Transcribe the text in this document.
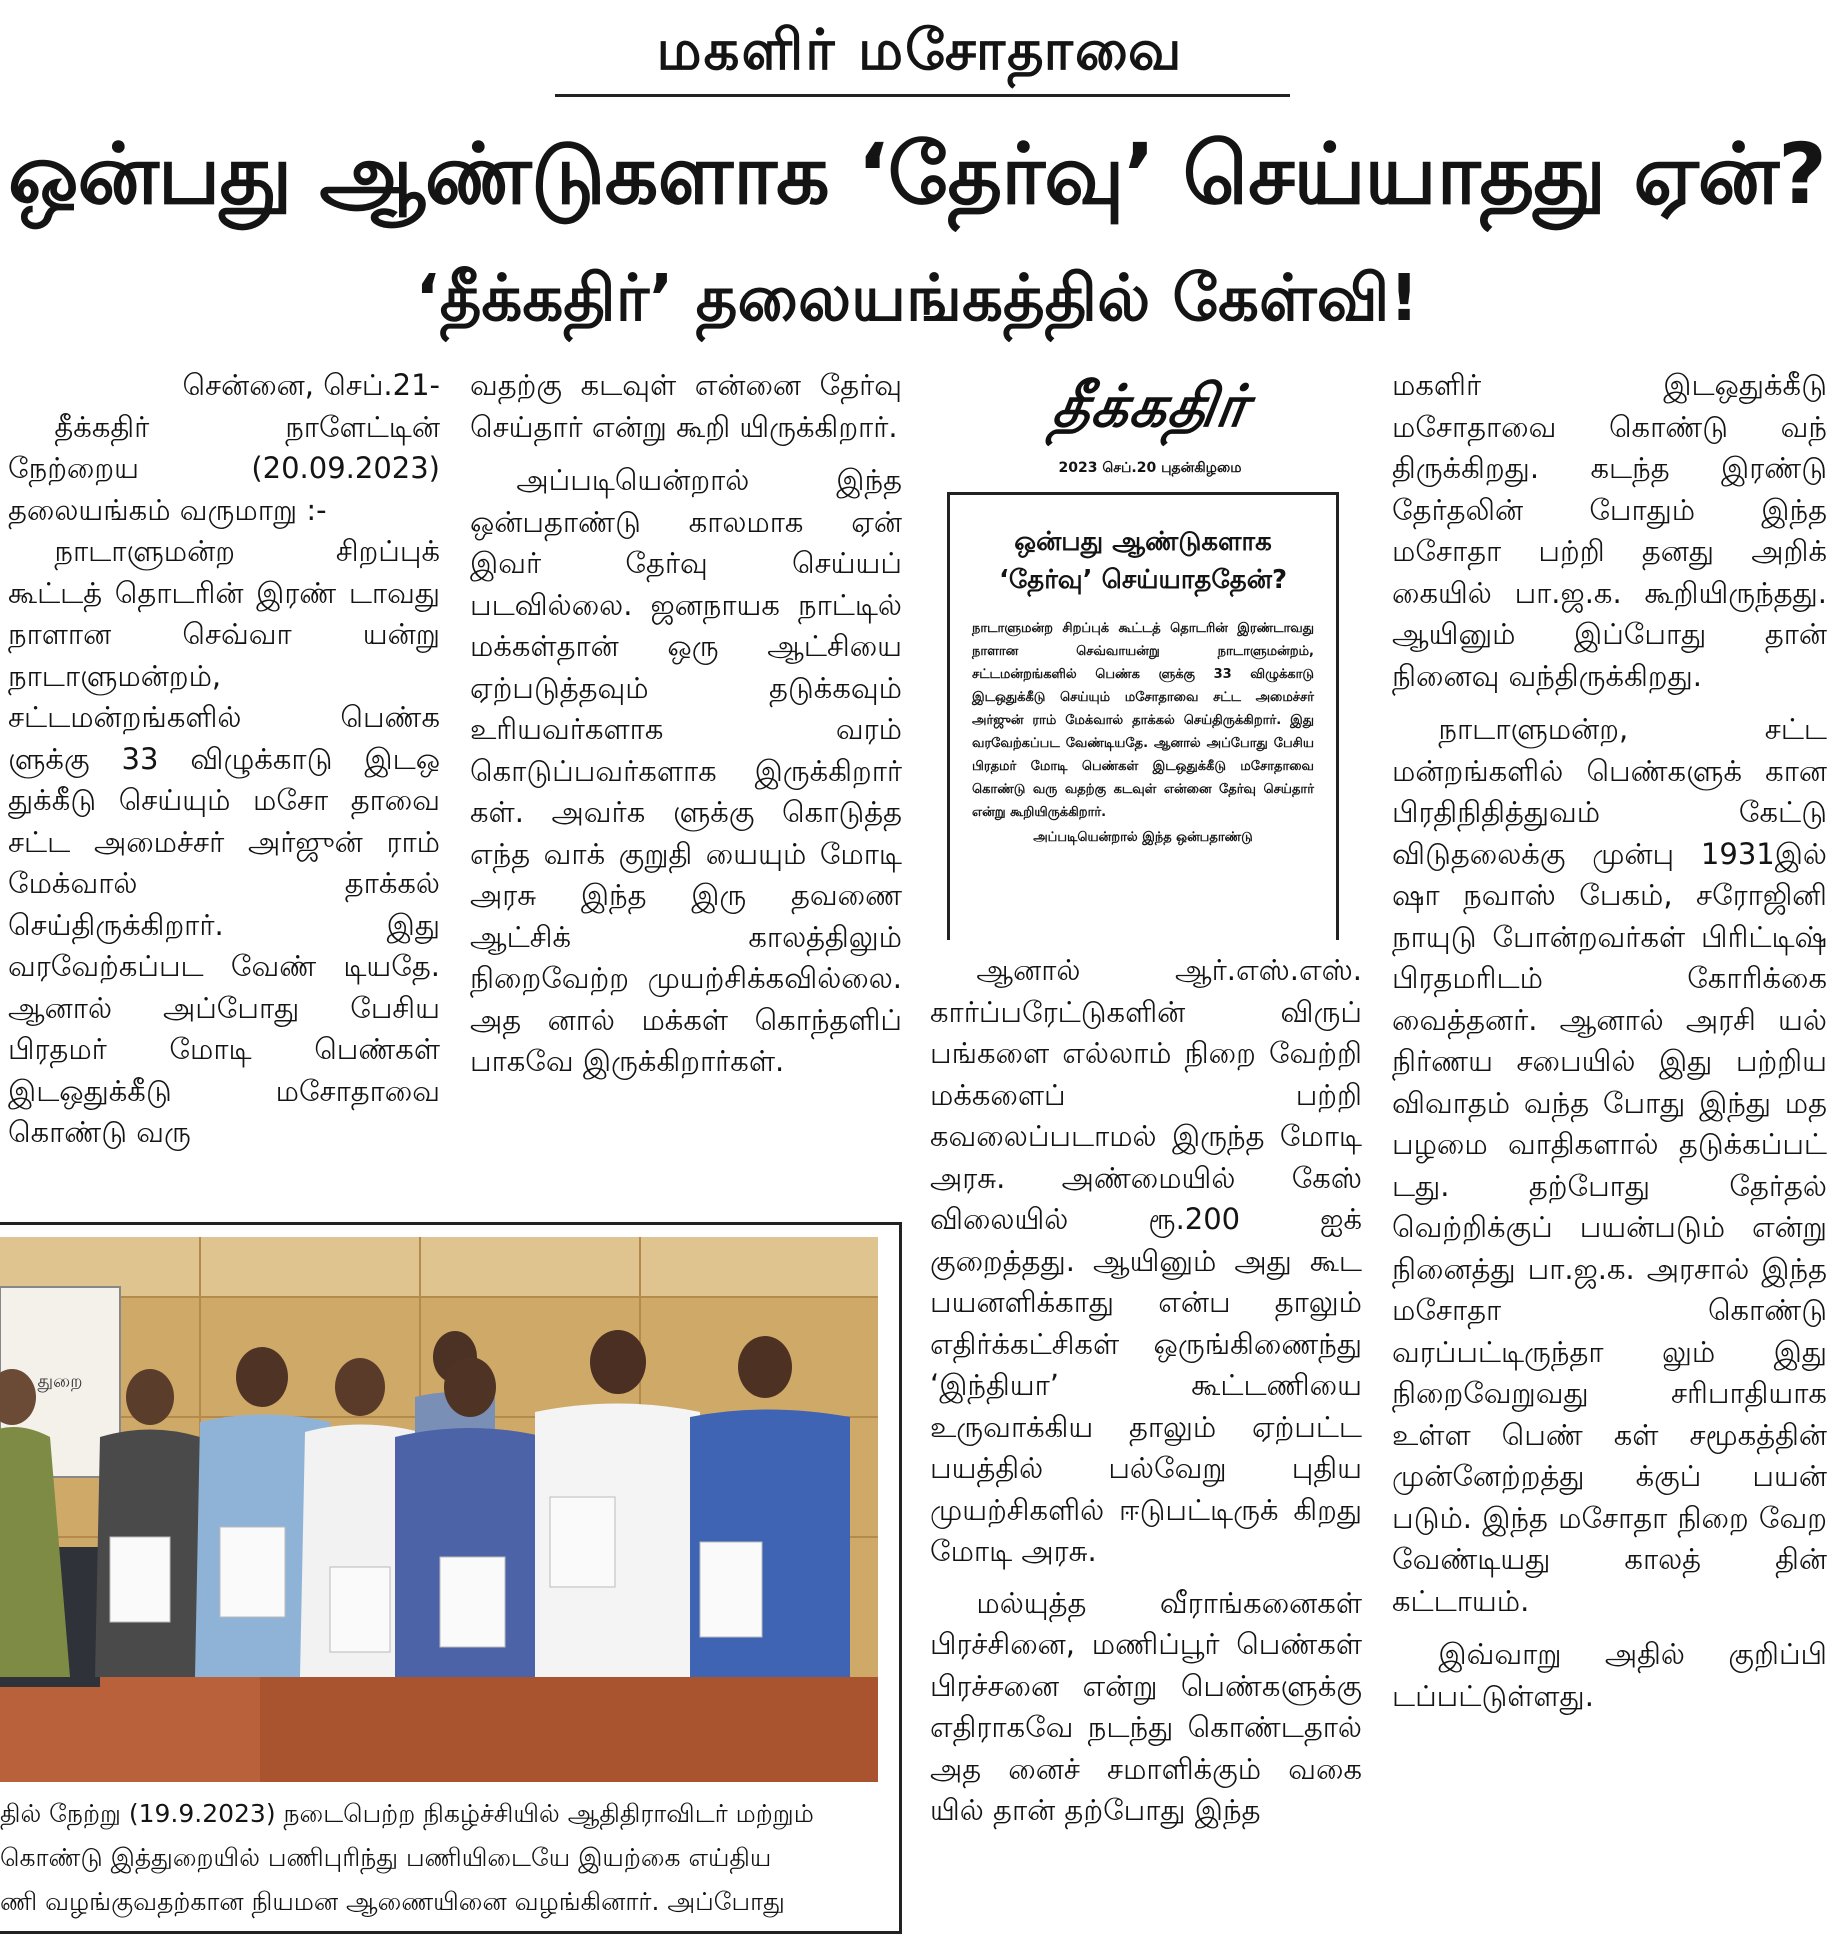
மகளிர் மசோதாவை
ஒன்பது ஆண்டுகளாக ‘தேர்வு’ செய்யாதது ஏன்?
‘தீக்கதிர்’ தலையங்கத்தில் கேள்வி!

சென்னை, செப்.21-

தீக்கதிர் நாளேட்டின் நேற்றைய (20.09.2023) தலையங்கம் வருமாறு :-

நாடாளுமன்ற சிறப்புக் கூட்டத் தொடரின் இரண் டாவது நாளான செவ்வா யன்று நாடாளுமன்றம், சட்டமன்றங்களில் பெண்க ளுக்கு 33 விழுக்காடு இடஒ துக்கீடு செய்யும் மசோ தாவை சட்ட அமைச்சர் அர்ஜுன் ராம் மேக்வால் தாக்கல் செய்திருக்கிறார். இது வரவேற்கப்பட வேண் டியதே. ஆனால் அப்போது பேசிய பிரதமர் மோடி பெண்கள் இடஒதுக்கீடு மசோதாவை கொண்டு வரு

வதற்கு கடவுள் என்னை தேர்வு செய்தார் என்று கூறி யிருக்கிறார்.

அப்படியென்றால் இந்த ஒன்பதாண்டு காலமாக ஏன் இவர் தேர்வு செய்யப் படவில்லை. ஜனநாயக நாட்டில் மக்கள்தான் ஒரு ஆட்சியை ஏற்படுத்தவும் தடுக்கவும் உரியவர்களாக வரம் கொடுப்பவர்களாக இருக்கிறார் கள். அவர்க ளுக்கு கொடுத்த எந்த வாக் குறுதி யையும் மோடி அரசு இந்த இரு தவணை ஆட்சிக் காலத்திலும் நிறைவேற்ற முயற்சிக்கவில்லை. அத னால் மக்கள் கொந்தளிப் பாகவே இருக்கிறார்கள்.

தீக்கதிர்
2023 செப்.20 புதன்கிழமை
ஒன்பது ஆண்டுகளாக
‘தேர்வு’ செய்யாததேன்?
நாடாளுமன்ற சிறப்புக் கூட்டத் தொடரின் இரண்டாவது நாளான செவ்வாயன்று நாடாளுமன்றம், சட்டமன்றங்களில் பெண்க ளுக்கு 33 விழுக்காடு இடஒதுக்கீடு செய்யும் மசோதாவை சட்ட அமைச்சர் அர்ஜுன் ராம் மேக்வால் தாக்கல் செய்திருக்கிறார். இது வரவேற்கப்பட வேண்டியதே. ஆனால் அப்போது பேசிய பிரதமர் மோடி பெண்கள் இடஒதுக்கீடு மசோதாவை கொண்டு வரு வதற்கு கடவுள் என்னை தேர்வு செய்தார் என்று கூறியிருக்கிறார்.
அப்படியென்றால் இந்த ஒன்பதாண்டு

ஆனால் ஆர்.எஸ்.எஸ். கார்ப்பரேட்டுகளின் விருப் பங்களை எல்லாம் நிறை வேற்றி மக்களைப் பற்றி கவலைப்படாமல் இருந்த மோடி அரசு. அண்மையில் கேஸ் விலையில் ரூ.200 ஐக் குறைத்தது. ஆயினும் அது கூட பயனளிக்காது என்ப தாலும் எதிர்க்கட்சிகள் ஒருங்கிணைந்து ‘இந்தியா’ கூட்டணியை உருவாக்கிய தாலும் ஏற்பட்ட பயத்தில் பல்வேறு புதிய முயற்சிகளில் ஈடுபட்டிருக் கிறது மோடி அரசு.

மல்யுத்த வீராங்கனைகள் பிரச்சினை, மணிப்பூர் பெண்கள் பிரச்சனை என்று பெண்களுக்கு எதிராகவே நடந்து கொண்டதால் அத னைச் சமாளிக்கும் வகை யில் தான் தற்போது இந்த

மகளிர் இடஒதுக்கீடு மசோதாவை கொண்டு வந் திருக்கிறது. கடந்த இரண்டு தேர்தலின் போதும் இந்த மசோதா பற்றி தனது அறிக் கையில் பா.ஜ.க. கூறியிருந்தது. ஆயினும் இப்போது தான் நினைவு வந்திருக்கிறது.

நாடாளுமன்ற, சட்ட மன்றங்களில் பெண்களுக் கான பிரதிநிதித்துவம் கேட்டு விடுதலைக்கு முன்பு 1931இல் ஷா நவாஸ் பேகம், சரோஜினி நாயுடு போன்றவர்கள் பிரிட்டிஷ் பிரதமரிடம் கோரிக்கை வைத்தனர். ஆனால் அரசி யல் நிர்ணய சபையில் இது பற்றிய விவாதம் வந்த போது இந்து மத பழமை வாதிகளால் தடுக்கப்பட் டது. தற்போது தேர்தல் வெற்றிக்குப் பயன்படும் என்று நினைத்து பா.ஜ.க. அரசால் இந்த மசோதா கொண்டு வரப்பட்டிருந்தா லும் இது நிறைவேறுவது சரிபாதியாக உள்ள பெண் கள் சமூகத்தின் முன்னேற்றத்து க்குப் பயன் படும். இந்த மசோதா நிறை வேற வேண்டியது காலத் தின் கட்டாயம்.

இவ்வாறு அதில் குறிப்பி டப்பட்டுள்ளது.

துறை
தில் நேற்று (19.9.2023) நடைபெற்ற நிகழ்ச்சியில் ஆதிதிராவிடர் மற்றும்
கொண்டு இத்துறையில் பணிபுரிந்து பணியிடையே இயற்கை எய்திய
ணி வழங்குவதற்கான நியமன ஆணையினை வழங்கினார். அப்போது
